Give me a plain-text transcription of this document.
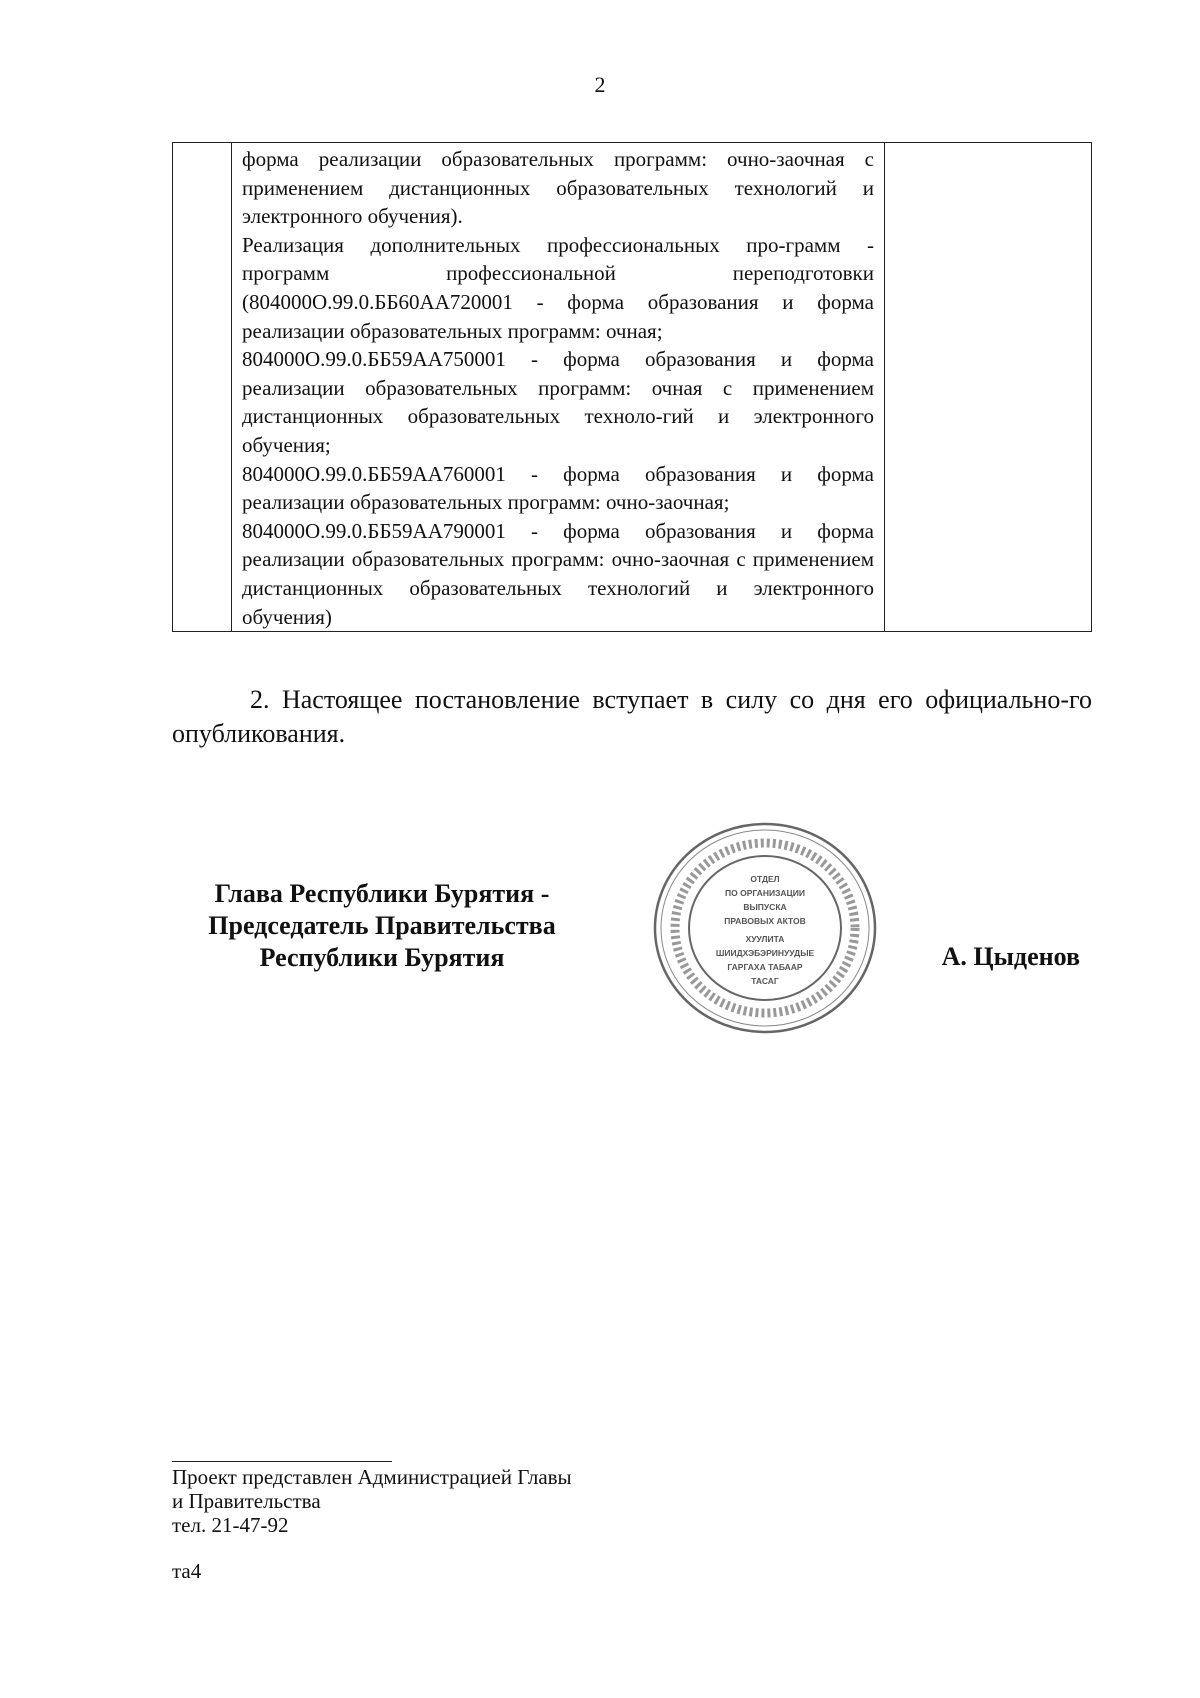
2

форма реализации образовательных программ: очно-заочная с применением дистанционных образовательных технологий и электронного обучения).

Реализация дополнительных профессиональных про-грамм - программ профессиональной переподготовки (804000О.99.0.ББ60АА720001 - форма образования и форма реализации образовательных программ: очная;

804000О.99.0.ББ59АА750001 - форма образования и форма реализации образовательных программ: очная с применением дистанционных образовательных техноло-гий и электронного обучения;

804000О.99.0.ББ59АА760001 - форма образования и форма реализации образовательных программ: очно-заочная;

804000О.99.0.ББ59АА790001 - форма образования и форма реализации образовательных программ: очно-заочная с применением дистанционных образовательных технологий и электронного обучения)

2. Настоящее постановление вступает в силу со дня его официально-го опубликования.
Глава Республики Бурятия -
Председатель Правительства
Республики Бурятия
ОТДЕЛ
ПО ОРГАНИЗАЦИИ
ВЫПУСКА
ПРАВОВЫХ АКТОВ
ХУУЛИТА
ШИИДХЭБЭРИНУУДЫЕ
ГАРГАХА ТАБААР
ТАСАГ
А. Цыденов
Проект представлен Администрацией Главы
и Правительства
тел. 21-47-92
та4
